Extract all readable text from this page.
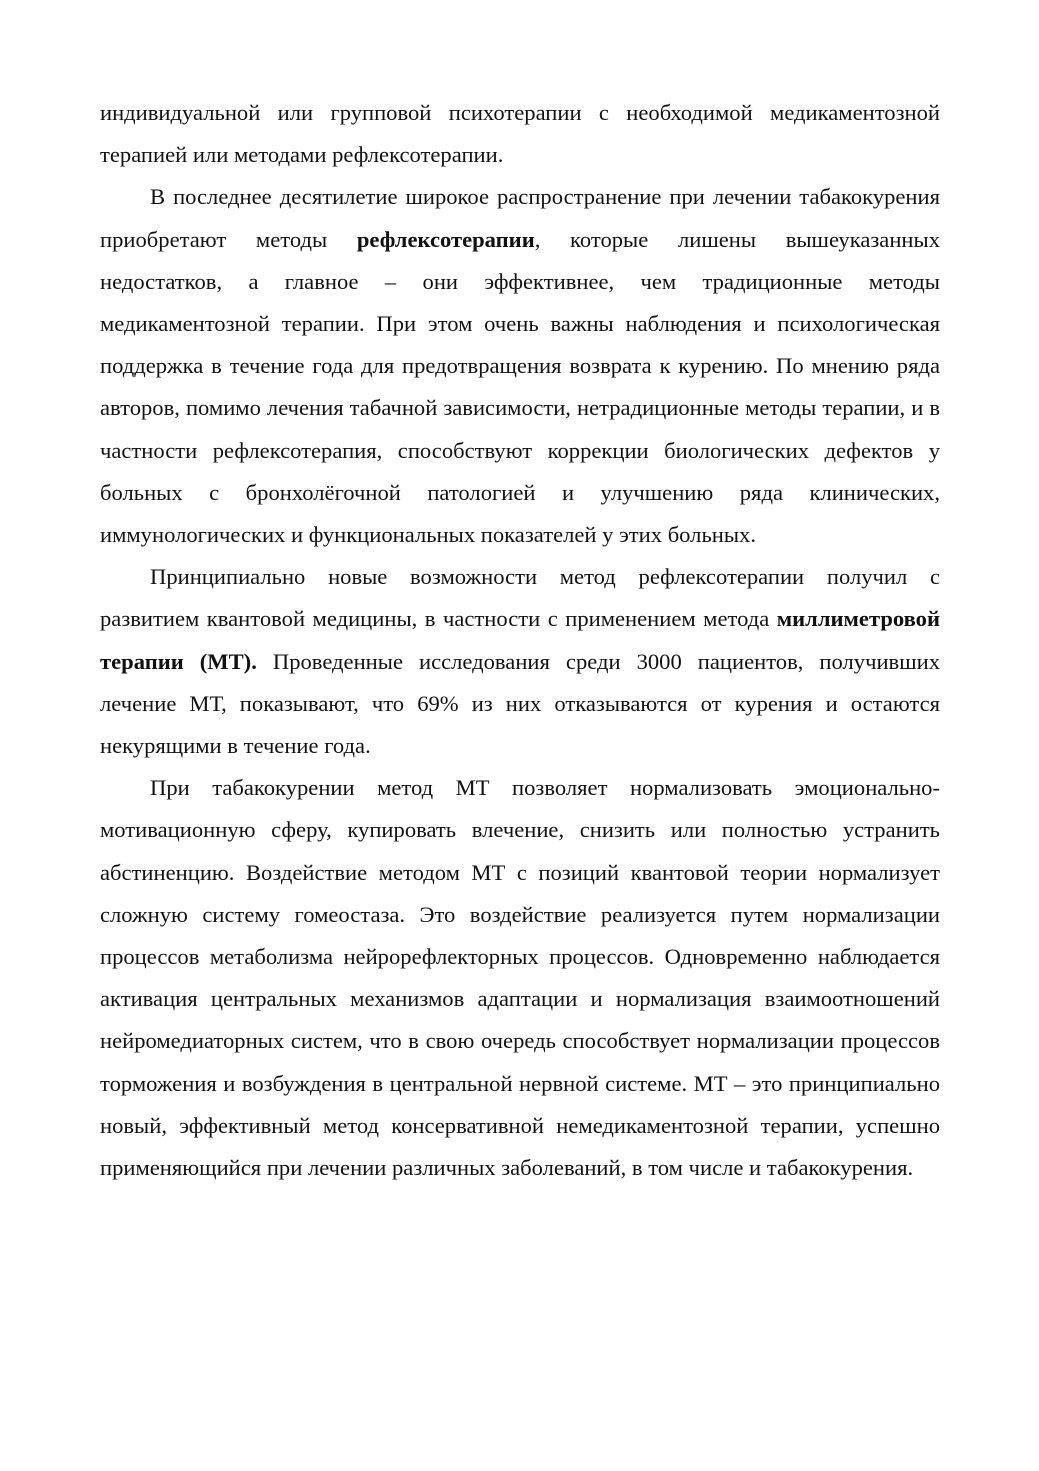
индивидуальной или групповой психотерапии с необходимой медикаментозной терапией или методами рефлексотерапии.

В последнее десятилетие широкое распространение при лечении табакокурения приобретают методы рефлексотерапии, которые лишены вышеуказанных недостатков, а главное – они эффективнее, чем традиционные методы медикаментозной терапии. При этом очень важны наблюдения и психологическая поддержка в течение года для предотвращения возврата к курению. По мнению ряда авторов, помимо лечения табачной зависимости, нетрадиционные методы терапии, и в частности рефлексотерапия, способствуют коррекции биологических дефектов у больных с бронхолёгочной патологией и улучшению ряда клинических, иммунологических и функциональных показателей у этих больных.

Принципиально новые возможности метод рефлексотерапии получил с развитием квантовой медицины, в частности с применением метода миллиметровой терапии (МТ). Проведенные исследования среди 3000 пациентов, получивших лечение МТ, показывают, что 69% из них отказываются от курения и остаются некурящими в течение года.

При табакокурении метод МТ позволяет нормализовать эмоционально-мотивационную сферу, купировать влечение, снизить или полностью устранить абстиненцию. Воздействие методом МТ с позиций квантовой теории нормализует сложную систему гомеостаза. Это воздействие реализуется путем нормализации процессов метаболизма нейрорефлекторных процессов. Одновременно наблюдается активация центральных механизмов адаптации и нормализация взаимоотношений нейромедиаторных систем, что в свою очередь способствует нормализации процессов торможения и возбуждения в центральной нервной системе. МТ – это принципиально новый, эффективный метод консервативной немедикаментозной терапии, успешно применяющийся при лечении различных заболеваний, в том числе и табакокурения.
